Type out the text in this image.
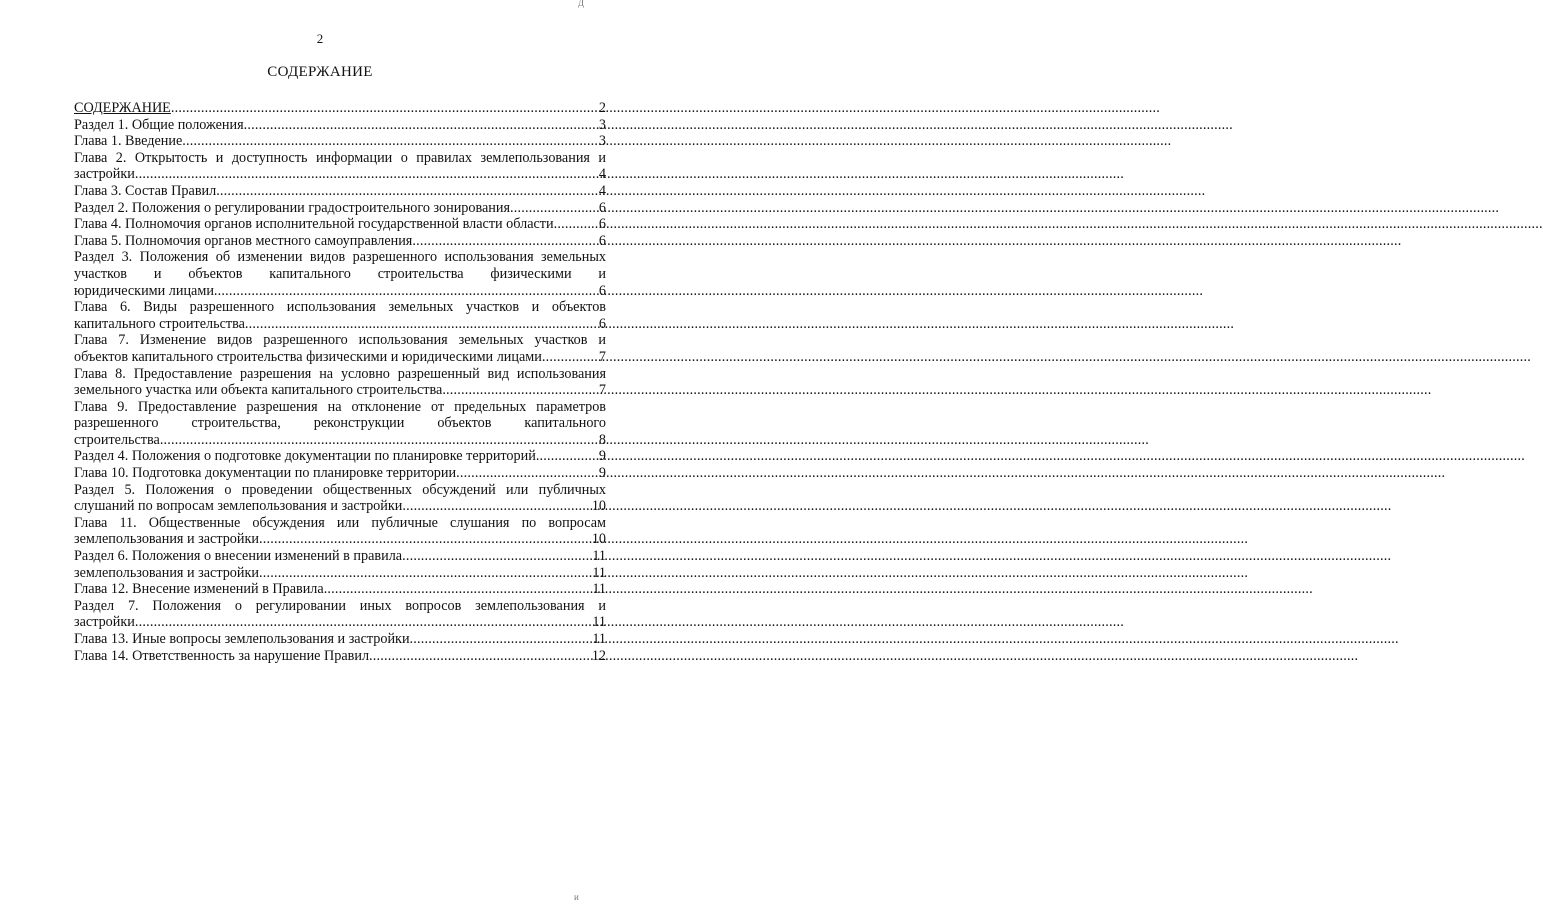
Д
2
СОДЕРЖАНИЕ
СОДЕРЖАНИЕ .....	2
Раздел 1. Общие положения .....	3
Глава 1. Введение .....	3
Глава 2. Открытость и доступность информации о правилах землепользования и
застройки .....	4
Глава 3. Состав Правил .....	4
Раздел 2. Положения о регулировании градостроительного зонирования .....	6
Глава 4. Полномочия органов исполнительной государственной власти области .....	6
Глава 5. Полномочия органов местного самоуправления .....	6
Раздел 3. Положения об изменении видов разрешенного использования земельных участков и объектов капитального строительства физическими и
юридическими лицами .....	6
Глава 6. Виды разрешенного использования земельных участков и объектов
капитального строительства .....	6
Глава 7. Изменение видов разрешенного использования земельных участков и
объектов капитального строительства физическими и юридическими лицами .....	7
Глава 8. Предоставление разрешения на условно разрешенный вид использования
земельного участка или объекта капитального строительства .....	7
Глава 9. Предоставление разрешения на отклонение от предельных параметров разрешенного строительства, реконструкции объектов капитального
строительства .....	8
Раздел 4. Положения о подготовке документации по планировке территорий .....	9
Глава 10. Подготовка документации по планировке территории .....	9
Раздел 5. Положения о проведении общественных обсуждений или публичных
слушаний по вопросам землепользования и застройки .....	10
Глава 11. Общественные обсуждения или публичные слушания по вопросам
землепользования и застройки .....	10
Раздел 6. Положения о внесении изменений в правила .....	11
землепользования и застройки .....	11
Глава 12. Внесение изменений в Правила .....	11
Раздел 7. Положения о регулировании иных вопросов землепользования и
застройки .....	11
Глава 13. Иные вопросы землепользования и застройки .....	11
Глава 14. Ответственность за нарушение Правил .....	12
и
